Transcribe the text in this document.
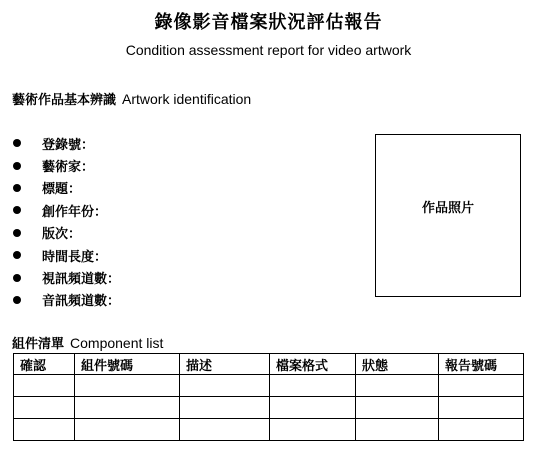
錄像影音檔案狀況評估報告
Condition assessment report for video artwork
藝術作品基本辨識 Artwork identification
登錄號：
藝術家：
標題：
創作年份：
版次：
時間長度：
視訊頻道數：
音訊頻道數：
作品照片
組件清單 Component list
確認	組件號碼	描述	檔案格式	狀態	報告號碼
